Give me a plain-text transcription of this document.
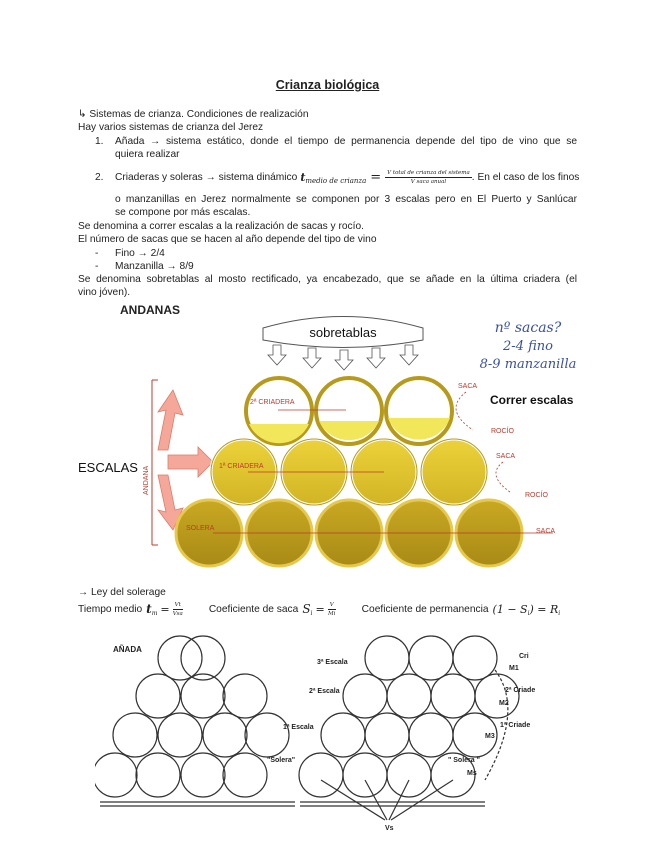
Crianza biológica
↳ Sistemas de crianza. Condiciones de realización
Hay varios sistemas de crianza del Jerez
1. Añada → sistema estático, donde el tiempo de permanencia depende del tipo de vino que se
quiera realizar
2. Criaderas y soleras → sistema dinámico t medio de crianza = $\frac{\text{V total de crianza del sistema}}{\text{V saca anual}}$ . En el caso de los finos
o manzanillas en Jerez normalmente se componen por 3 escalas pero en El Puerto y Sanlúcar
se compone por más escalas.
Se denomina a correr escalas a la realización de sacas y rocío.
El número de sacas que se hacen al año depende del tipo de vino
- Fino → 2/4
- Manzanilla → 8/9
Se denomina sobretablas al mosto rectificado, ya encabezado, que se añade en la última criadera (el
vino jóven).
ANDANAS
sobretablas	nº sacas?
2-4 fino
8-9 manzanilla
ESCALAS ANDANA
2ª CRIADERA
1ª CRIADERA
SOLERA
SACA
Correr escalas
ROCÍO
SACA
ROCÍO
SACA
→ Ley del solerage
Tiempo medio t $m = \frac{Vt}{\text{Vsa}}$	Coeficiente de saca S $i = \frac{V}{Mi}$	Coeficiente de permanencia (1 − S i ) = R i
AÑADA
3ª Escala
2ª Escala
1ª Escala
"Solera"	" Solera "
Vs
M1
M2
M3
Ms
Cri
2ª Criade
1ª Criade
